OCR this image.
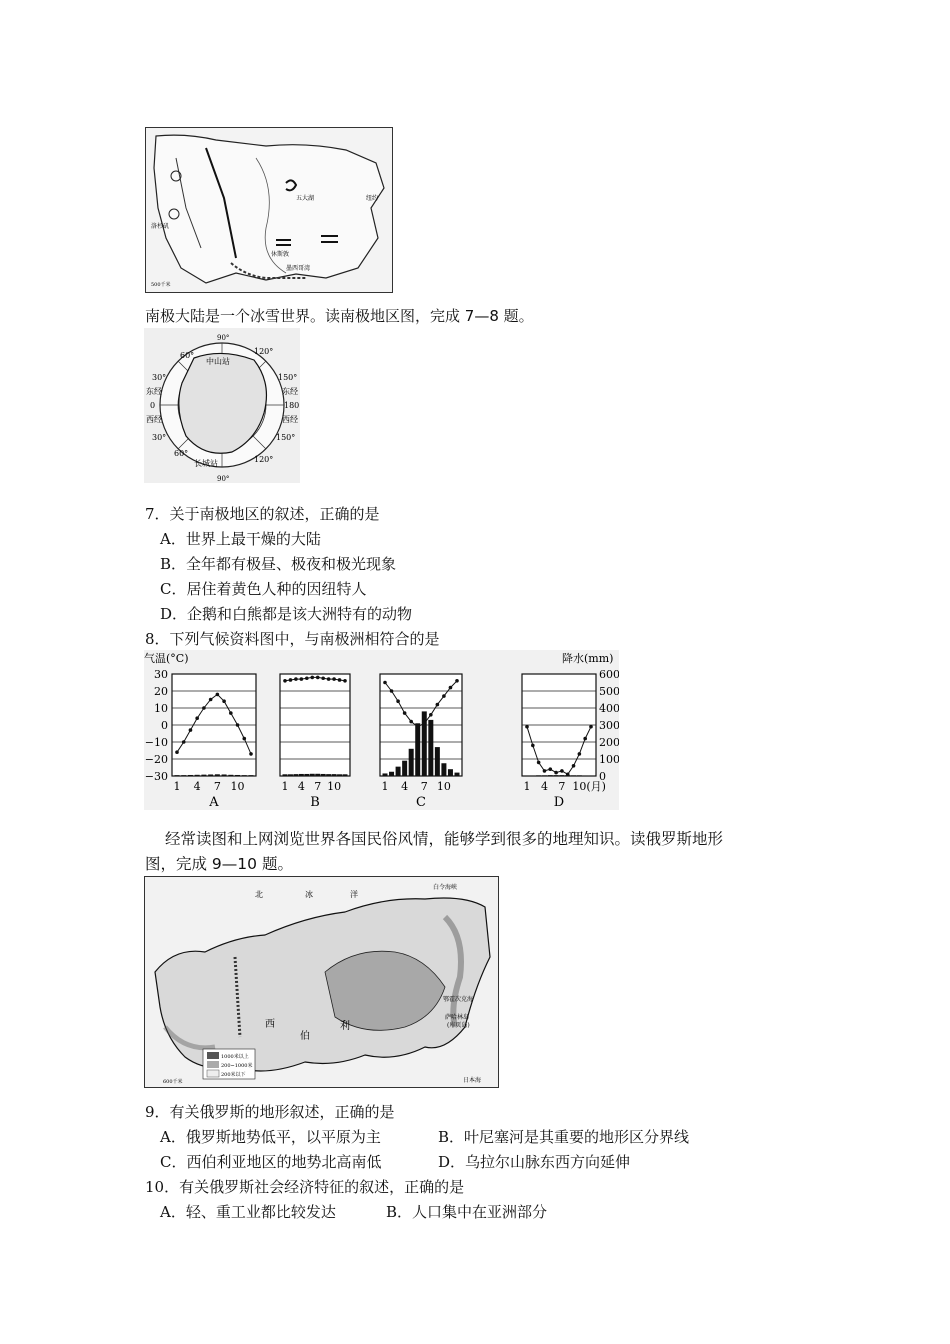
洛杉矶
五大湖	纽约
休斯敦
墨西哥湾
500千米
南极大陆是一个冰雪世界。读南极地区图，完成 7—8 题。
90°
60°	120°
30°	150°
东经
0
西经
180
东经
西经
中山站
长城站
90°
30°
60°
120°
150°
7．关于南极地区的叙述，正确的是
A．世界上最干燥的大陆
B．全年都有极昼、极夜和极光现象
C．居住着黄色人种的因纽特人
D．企鹅和白熊都是该大洲特有的动物
8．下列气候资料图中，与南极洲相符合的是
气温(°C)	降水(mm)
30
20
10
0
−10
−20
−30
600
500
400
300
200
100
0
1 4 7 10
A
1 4 7 10
B
1 4 7 10
C
1 4 7 10 (月)
D
经常读图和上网浏览世界各国民俗风情，能够学到很多的地理知识。读俄罗斯地形
图，完成 9—10 题。
北	冰	洋
白令海峡
西
伯
利
鄂霍次克海
萨哈林岛
(库页岛)
日本海
1000米以上
200~1000米
200米以下
600千米
9．有关俄罗斯的地形叙述，正确的是
A．俄罗斯地势低平，以平原为主	B．叶尼塞河是其重要的地形区分界线
C．西伯利亚地区的地势北高南低	D．乌拉尔山脉东西方向延伸
10．有关俄罗斯社会经济特征的叙述，正确的是
A．轻、重工业都比较发达	B．人口集中在亚洲部分
